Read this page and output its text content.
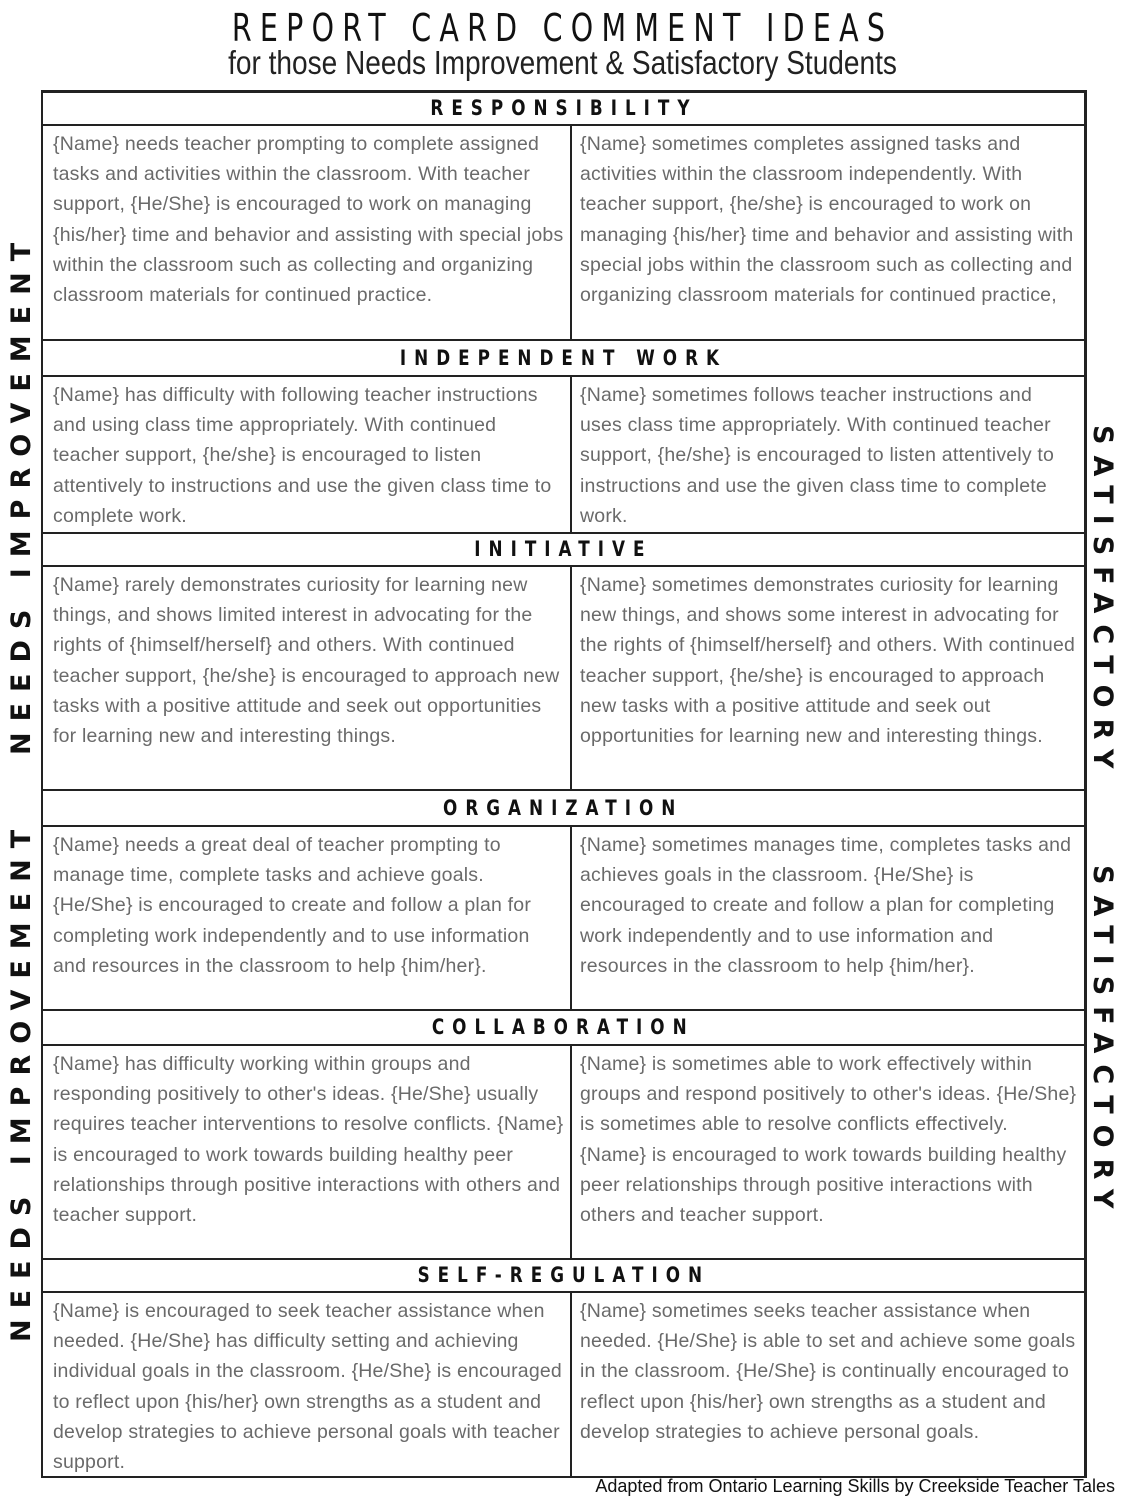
REPORT CARD COMMENT IDEAS
for those Needs Improvement & Satisfactory Students
NEEDS IMPROVEMENT
NEEDS IMPROVEMENT
SATISFACTORY
SATISFACTORY
RESPONSIBILITY
{Name} needs teacher prompting to complete assigned tasks and activities within the classroom. With teacher support, {He/She} is encouraged to work on managing {his/her} time and behavior and assisting with special jobs within the classroom such as collecting and organizing classroom materials for continued practice.
{Name} sometimes completes assigned tasks and activities within the classroom independently. With teacher support, {he/she} is encouraged to work on managing {his/her} time and behavior and assisting with special jobs within the classroom such as collecting and organizing classroom materials for continued practice,
INDEPENDENT WORK
{Name} has difficulty with following teacher instructions and using class time appropriately. With continued teacher support, {he/she} is encouraged to listen attentively to instructions and use the given class time to complete work.
{Name} sometimes follows teacher instructions and uses class time appropriately. With continued teacher support, {he/she} is encouraged to listen attentively to instructions and use the given class time to complete work.
INITIATIVE
{Name} rarely demonstrates curiosity for learning new things, and shows limited interest in advocating for the rights of {himself/herself} and others. With continued teacher support, {he/she} is encouraged to approach new tasks with a positive attitude and seek out opportunities for learning new and interesting things.
{Name} sometimes demonstrates curiosity for learning new things, and shows some interest in advocating for the rights of {himself/herself} and others. With continued teacher support, {he/she} is encouraged to approach new tasks with a positive attitude and seek out opportunities for learning new and interesting things.
ORGANIZATION
{Name} needs a great deal of teacher prompting to manage time, complete tasks and achieve goals. {He/She} is encouraged to create and follow a plan for completing work independently and to use information and resources in the classroom to help {him/her}.
{Name} sometimes manages time, completes tasks and achieves goals in the classroom. {He/She} is encouraged to create and follow a plan for completing work independently and to use information and resources in the classroom to help {him/her}.
COLLABORATION
{Name} has difficulty working within groups and responding positively to other's ideas. {He/She} usually requires teacher interventions to resolve conflicts. {Name} is encouraged to work towards building healthy peer relationships through positive interactions with others and teacher support.
{Name} is sometimes able to work effectively within groups and respond positively to other's ideas. {He/She} is sometimes able to resolve conflicts effectively. {Name} is encouraged to work towards building healthy peer relationships through positive interactions with others and teacher support.
SELF-REGULATION
{Name} is encouraged to seek teacher assistance when needed. {He/She} has difficulty setting and achieving individual goals in the classroom. {He/She} is encouraged to reflect upon {his/her} own strengths as a student and develop strategies to achieve personal goals with teacher support.
{Name} sometimes seeks teacher assistance when needed. {He/She} is able to set and achieve some goals in the classroom. {He/She} is continually encouraged to reflect upon {his/her} own strengths as a student and develop strategies to achieve personal goals.
Adapted from Ontario Learning Skills by Creekside Teacher Tales
